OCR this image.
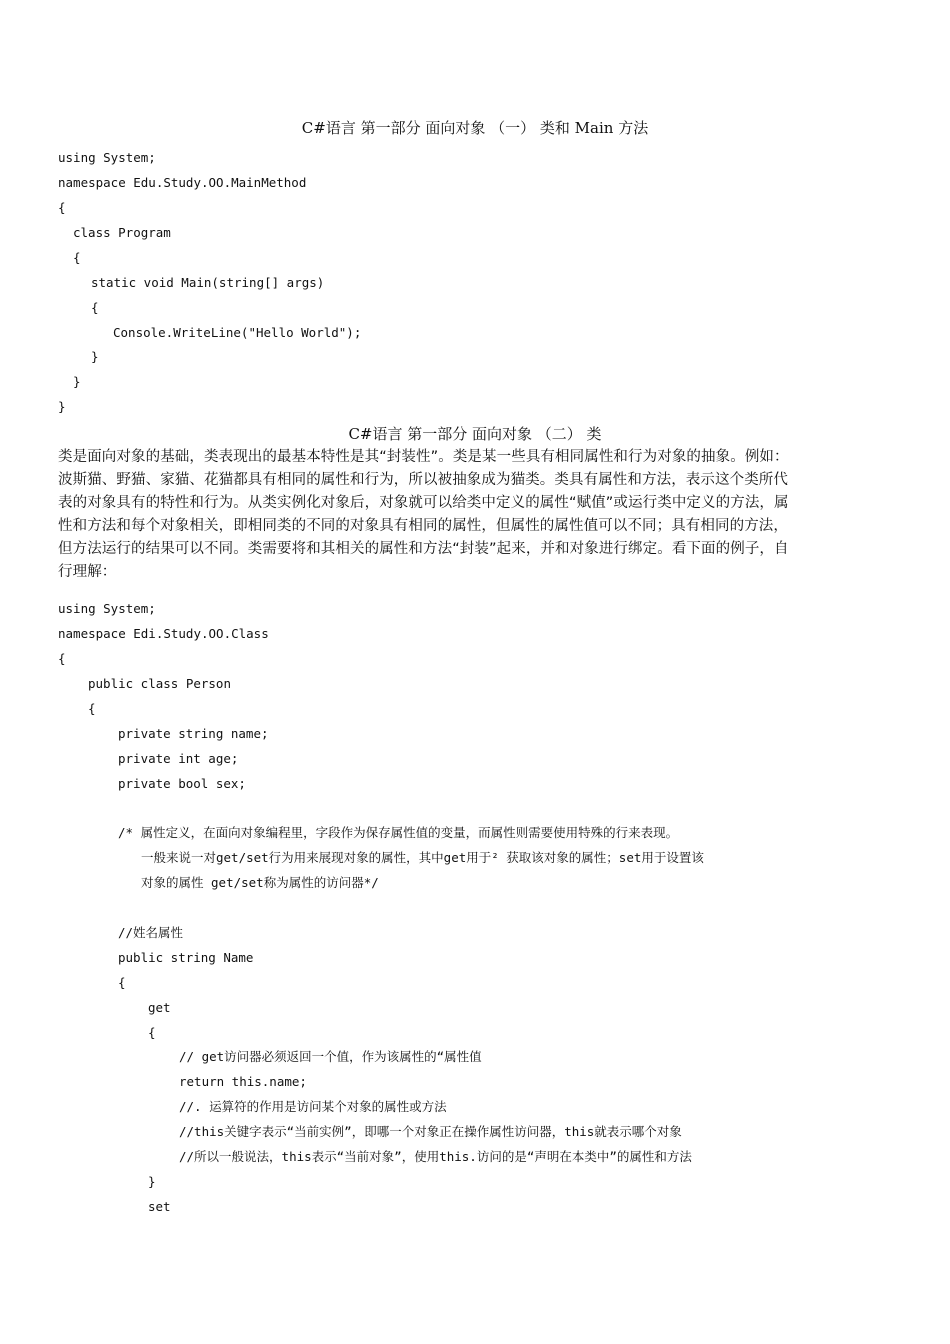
C#语言 第一部分 面向对象 （一） 类和 Main 方法
using System;
namespace Edu.Study.OO.MainMethod
{
class Program
{
static void Main(string[] args)
{
Console.WriteLine("Hello World");
}
}
}
C#语言 第一部分 面向对象 （二） 类
类是面向对象的基础，类表现出的最基本特性是其“封装性”。类是某一些具有相同属性和行为对象的抽象。例如：
波斯猫、野猫、家猫、花猫都具有相同的属性和行为，所以被抽象成为猫类。类具有属性和方法，表示这个类所代
表的对象具有的特性和行为。从类实例化对象后，对象就可以给类中定义的属性“赋值”或运行类中定义的方法，属
性和方法和每个对象相关，即相同类的不同的对象具有相同的属性，但属性的属性值可以不同；具有相同的方法，
但方法运行的结果可以不同。类需要将和其相关的属性和方法“封装”起来，并和对象进行绑定。看下面的例子，自
行理解：
using System;
namespace Edi.Study.OO.Class
{
public class Person
{
private string name;
private int age;
private bool sex;
/* 属性定义，在面向对象编程里，字段作为保存属性值的变量，而属性则需要使用特殊的行来表现。
一般来说一对get/set行为用来展现对象的属性，其中get用于² 获取该对象的属性；set用于设置该
对象的属性 get/set称为属性的访问器*/
//姓名属性
public string Name
{
get
{
// get访问器必须返回一个值，作为该属性的“属性值
return this.name;
//. 运算符的作用是访问某个对象的属性或方法
//this关键字表示“当前实例”，即哪一个对象正在操作属性访问器，this就表示哪个对象
//所以一般说法，this表示“当前对象”，使用this.访问的是“声明在本类中”的属性和方法
}
set
